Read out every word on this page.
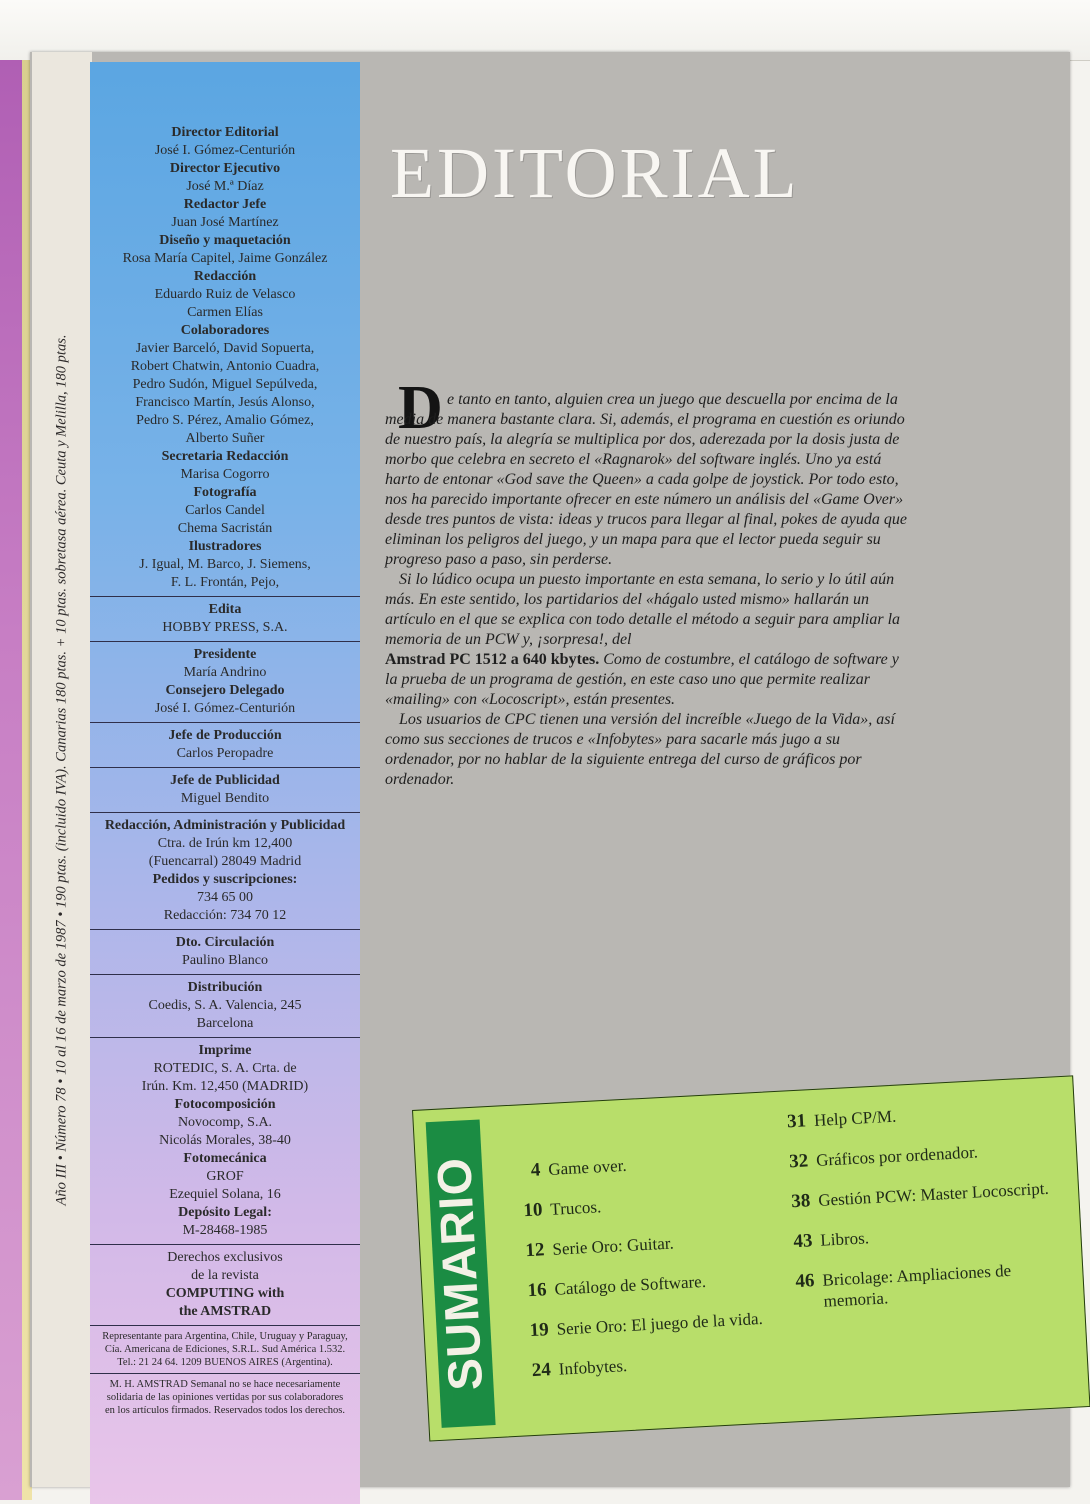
Año III • Número 78 • 10 al 16 de marzo de 1987 • 190 ptas. (incluido IVA). Canarias 180 ptas. + 10 ptas. sobretasa aérea. Ceuta y Melilla, 180 ptas.
Director Editorial
José I. Gómez-Centurión
Director Ejecutivo
José M.ª Díaz
Redactor Jefe
Juan José Martínez
Diseño y maquetación
Rosa María Capitel, Jaime González
Redacción
Eduardo Ruiz de Velasco
Carmen Elías
Colaboradores
Javier Barceló, David Sopuerta,
Robert Chatwin, Antonio Cuadra,
Pedro Sudón, Miguel Sepúlveda,
Francisco Martín, Jesús Alonso,
Pedro S. Pérez, Amalio Gómez,
Alberto Suñer
Secretaria Redacción
Marisa Cogorro
Fotografía
Carlos Candel
Chema Sacristán
Ilustradores
J. Igual, M. Barco, J. Siemens,
F. L. Frontán, Pejo,
Edita
HOBBY PRESS, S.A.
Presidente
María Andrino
Consejero Delegado
José I. Gómez-Centurión
Jefe de Producción
Carlos Peropadre
Jefe de Publicidad
Miguel Bendito
Redacción, Administración y Publicidad
Ctra. de Irún km 12,400
(Fuencarral) 28049 Madrid
Pedidos y suscripciones:
734 65 00
Redacción: 734 70 12
Dto. Circulación
Paulino Blanco
Distribución
Coedis, S. A. Valencia, 245
Barcelona
Imprime
ROTEDIC, S. A. Crta. de
Irún. Km. 12,450 (MADRID)
Fotocomposición
Novocomp, S.A.
Nicolás Morales, 38-40
Fotomecánica
GROF
Ezequiel Solana, 16
Depósito Legal:
M-28468-1985
Derechos exclusivos
de la revista
COMPUTING with
the AMSTRAD
Representante para Argentina, Chile, Uruguay y Paraguay, Cía. Americana de Ediciones, S.R.L. Sud América 1.532. Tel.: 21 24 64. 1209 BUENOS AIRES (Argentina).
M. H. AMSTRAD Semanal no se hace necesariamente solidaria de las opiniones vertidas por sus colaboradores en los artículos firmados. Reservados todos los derechos.
EDITORIAL
D e tanto en tanto, alguien crea un juego que descuella por encima de la media de manera bastante clara. Si, además, el programa en cuestión es oriundo de nuestro país, la alegría se multiplica por dos, aderezada por la dosis justa de morbo que celebra en secreto el «Ragnarok» del software inglés. Uno ya está harto de entonar «God save the Queen» a cada golpe de joystick. Por todo esto, nos ha parecido importante ofrecer en este número un análisis del «Game Over» desde tres puntos de vista: ideas y trucos para llegar al final, pokes de ayuda que eliminan los peligros del juego, y un mapa para que el lector pueda seguir su progreso paso a paso, sin perderse.

Si lo lúdico ocupa un puesto importante en esta semana, lo serio y lo útil aún más. En este sentido, los partidarios del «hágalo usted mismo» hallarán un artículo en el que se explica con todo detalle el método a seguir para ampliar la memoria de un PCW y, ¡sorpresa!, del
Amstrad PC 1512 a 640 kbytes. Como de costumbre, el catálogo de software y la prueba de un programa de gestión, en este caso uno que permite realizar «mailing» con «Locoscript», están presentes.

Los usuarios de CPC tienen una versión del increíble «Juego de la Vida», así como sus secciones de trucos e «Infobytes» para sacarle más jugo a su ordenador, por no hablar de la siguiente entrega del curso de gráficos por ordenador.

SUMARIO	4 Game over.
10 Trucos.
12 Serie Oro: Guitar.
16 Catálogo de Software.
19 Serie Oro: El juego de la vida.
24 Infobytes.
31 Help CP/M.
32 Gráficos por ordenador.
38 Gestión PCW: Master Locoscript.
43 Libros.
46 Bricolage: Ampliaciones de memoria.
